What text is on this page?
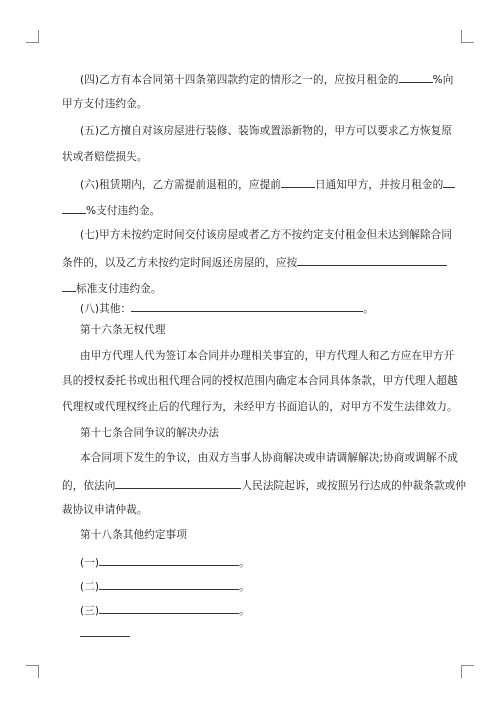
(四)乙方有本合同第十四条第四款约定的情形之一的，应按月租金的	%向
甲方支付违约金。
(五)乙方擅自对该房屋进行装修、装饰或置添新物的，甲方可以要求乙方恢复原
状或者赔偿损失。
(六)租赁期内，乙方需提前退租的，应提前	日通知甲方，并按月租金的
%支付违约金。
(七)甲方未按约定时间交付该房屋或者乙方不按约定支付租金但未达到解除合同
条件的，以及乙方未按约定时间返还房屋的，应按
标准支付违约金。
(八)其他：	。
第十六条无权代理
由甲方代理人代为签订本合同并办理相关事宜的，甲方代理人和乙方应在甲方开
具的授权委托书或出租代理合同的授权范围内确定本合同具体条款，甲方代理人超越
代理权或代理权终止后的代理行为，未经甲方书面追认的，对甲方不发生法律效力。
第十七条合同争议的解决办法
本合同项下发生的争议，由双方当事人协商解决或申请调解解决;协商或调解不成
的，依法向	人民法院起诉，或按照另行达成的仲裁条款或仲
裁协议申请仲裁。
第十八条其他约定事项
(一)	。
(二)	。
(三)	。
